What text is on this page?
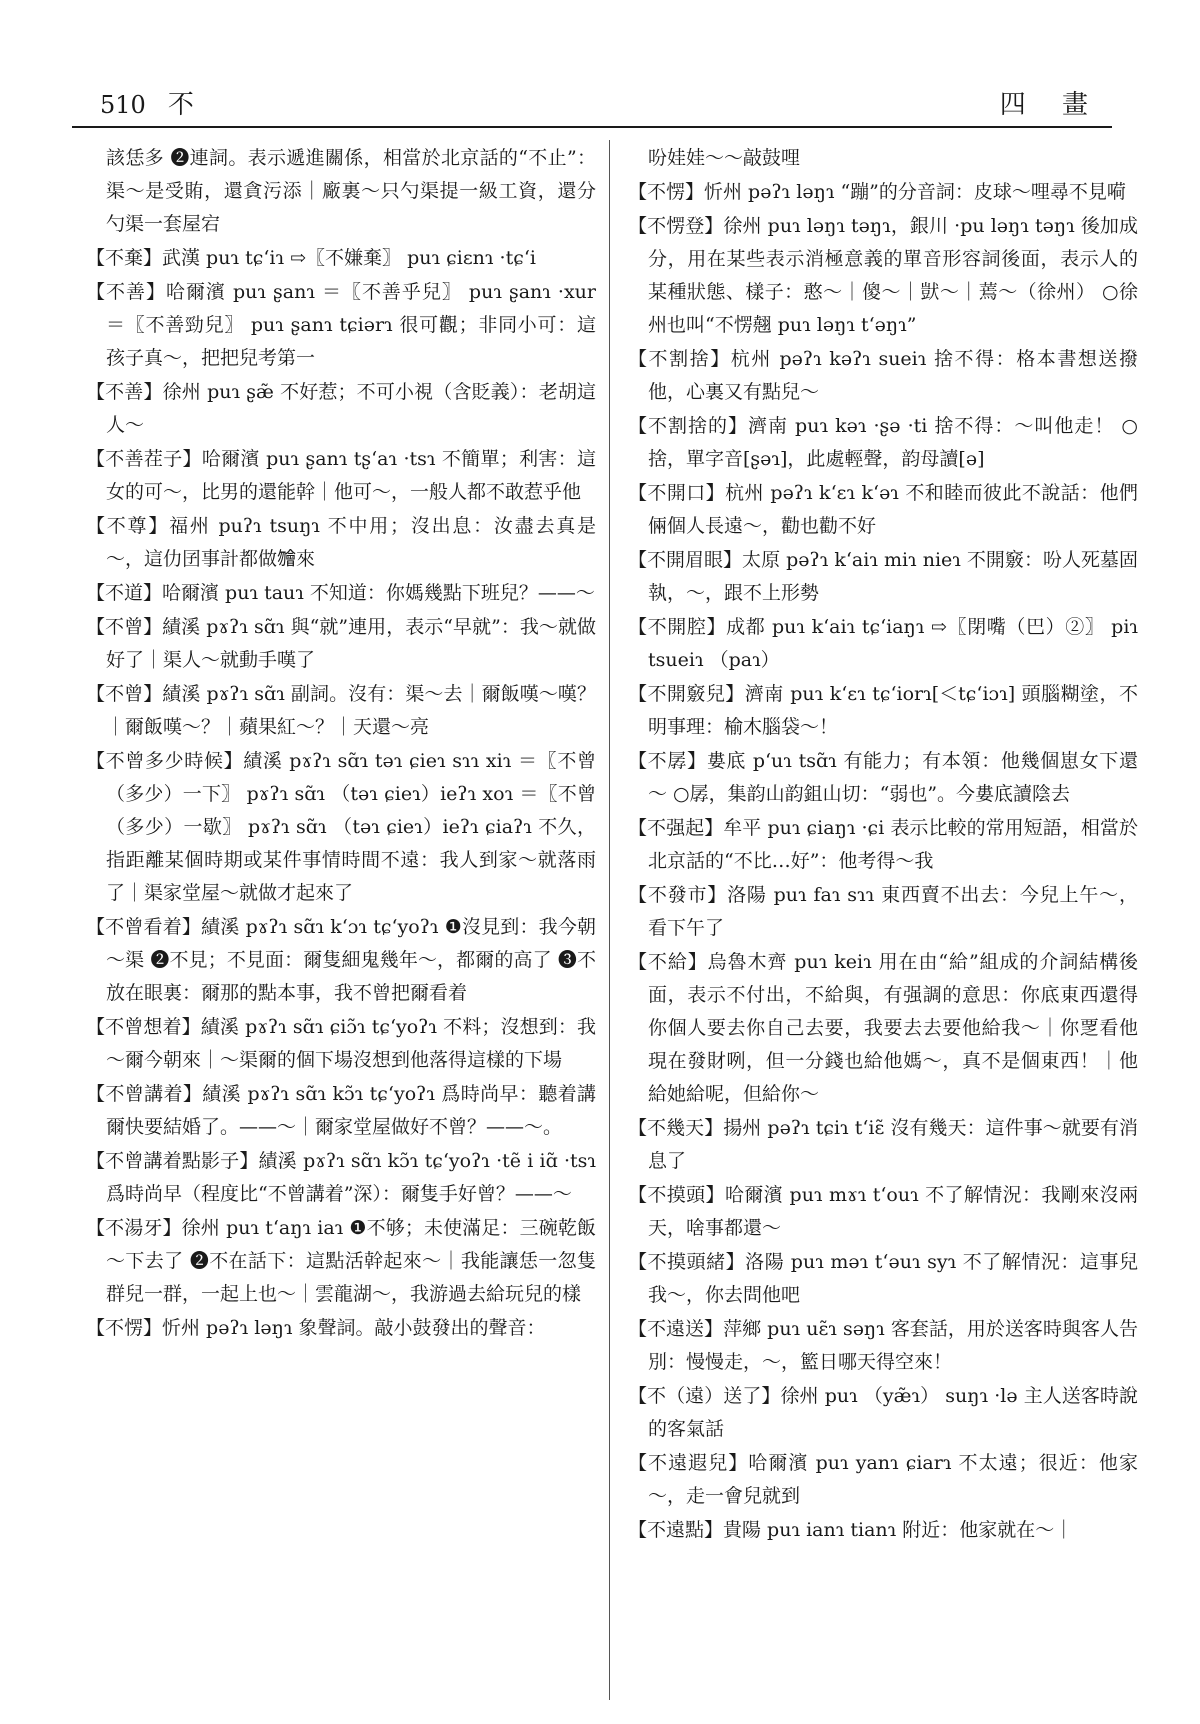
510 不	四 畫

該恁多 ❷連詞。表示遞進關係，相當於北京話的“不止”：渠～是受賄，還貪污添｜廠裏～只勺渠提一級工資，還分勺渠一套屋宕

【不棄】武漢 puɿ tɕʻiɿ ⇨〖不嫌棄〗 puɿ ɕiɛnɿ ·tɕʻi

【不善】哈爾濱 puɿ ʂanɿ ＝〖不善乎兒〗 puɿ ʂanɿ ·xur ＝〖不善勁兒〗 puɿ ʂanɿ tɕiərɿ 很可觀；非同小可：這孩子真～，把把兒考第一

【不善】徐州 puɿ ʂæ̃ 不好惹；不可小視（含貶義）：老胡這人～

【不善茬子】哈爾濱 puɿ ʂanɿ tʂʻaɿ ·tsɿ 不簡單；利害：這女的可～，比男的還能幹｜他可～，一般人都不敢惹乎他

【不尊】福州 puʔɿ tsuŋɿ 不中用；沒出息：汝盡去真是～，這仂囝事計都做𣍐來

【不道】哈爾濱 puɿ tauɿ 不知道：你媽幾點下班兒？——～

【不曾】績溪 pɤʔɿ sɑ̃ɿ 與“就”連用，表示“早就”：我～就做好了｜渠人～就動手嘆了

【不曾】績溪 pɤʔɿ sɑ̃ɿ 副詞。沒有：渠～去｜爾飯嘆～嘆？｜爾飯嘆～？｜蘋果紅～？｜天還～亮

【不曾多少時候】績溪 pɤʔɿ sɑ̃ɿ təɿ ɕieɿ sɿɿ xiɿ ＝〖不曾（多少）一下〗 pɤʔɿ sɑ̃ɿ （təɿ ɕieɿ）ieʔɿ xoɿ ＝〖不曾（多少）一歇〗 pɤʔɿ sɑ̃ɿ （təɿ ɕieɿ）ieʔɿ ɕiaʔɿ 不久，指距離某個時期或某件事情時間不遠：我人到家～就落雨了｜渠家堂屋～就做才起來了

【不曾看着】績溪 pɤʔɿ sɑ̃ɿ kʻɔɿ tɕʻyoʔɿ ❶沒見到：我今朝～渠 ❷不見；不見面：爾隻細鬼幾年～，都爾的高了 ❸不放在眼裏：爾那的點本事，我不曾把爾看着

【不曾想着】績溪 pɤʔɿ sɑ̃ɿ ɕiɔ̃ɿ tɕʻyoʔɿ 不料；沒想到：我～爾今朝來｜～渠爾的個下場沒想到他落得這樣的下場

【不曾講着】績溪 pɤʔɿ sɑ̃ɿ kɔ̃ɿ tɕʻyoʔɿ 爲時尚早：聽着講爾快要結婚了。——～｜爾家堂屋做好不曾？——～。

【不曾講着點影子】績溪 pɤʔɿ sɑ̃ɿ kɔ̃ɿ tɕʻyoʔɿ ·tẽ i iɑ̃ ·tsɿ 爲時尚早（程度比“不曾講着”深）：爾隻手好曾？——～

【不湯牙】徐州 puɿ tʻaŋɿ iaɿ ❶不够；未使滿足：三碗乾飯～下去了 ❷不在話下：這點活幹起來～｜我能讓恁一忽隻群兒一群，一起上也～｜雲龍湖～，我游過去給玩兒的樣

【不愣】忻州 pəʔɿ ləŋɿ 象聲詞。敲小鼓發出的聲音：

吩娃娃～～敲鼓哩

【不愣】忻州 pəʔɿ ləŋɿ “蹦”的分音詞：皮球～哩尋不見嗬

【不愣登】徐州 puɿ ləŋɿ təŋɿ，銀川 ·pu ləŋɿ təŋɿ 後加成分，用在某些表示消極意義的單音形容詞後面，表示人的某種狀態、樣子：憨～｜傻～｜獃～｜蔫～（徐州） ○徐州也叫“不愣翹 puɿ ləŋɿ tʻəŋɿ”

【不割捨】杭州 pəʔɿ kəʔɿ sueiɿ 捨不得：格本書想送撥他，心裏又有點兒～

【不割捨的】濟南 puɿ kəɿ ·ʂə ·ti 捨不得：～叫他走！ ○捨，單字音[ʂəɿ]，此處輕聲，韵母讀[ə]

【不開口】杭州 pəʔɿ kʻɛɿ kʻəɿ 不和睦而彼此不說話：他們倆個人長遠～，勸也勸不好

【不開眉眼】太原 pəʔɿ kʻaiɿ miɿ nieɿ 不開竅：吩人死墓固執，～，跟不上形勢

【不開腔】成都 puɿ kʻaiɿ tɕʻiaŋɿ ⇨〖閉嘴（巴）②〗 piɿ tsueiɿ （paɿ）

【不開竅兒】濟南 puɿ kʻɛɿ tɕʻiorɿ[＜tɕʻiɔɿ] 頭腦糊塗，不明事理：榆木腦袋～！

【不孱】婁底 pʻuɿ tsɑ̃ɿ 有能力；有本領：他幾個崽女下還～ ○孱，集韵山韵鉏山切：“弱也”。今婁底讀陰去

【不强起】牟平 puɿ ɕiaŋɿ ·ɕi 表示比較的常用短語，相當於北京話的“不比…好”：他考得～我

【不發市】洛陽 puɿ faɿ sɿɿ 東西賣不出去：今兒上午～，看下午了

【不給】烏魯木齊 puɿ keiɿ 用在由“給”組成的介詞結構後面，表示不付出，不給與，有强調的意思：你底東西還得你個人要去你自己去要，我要去去要他給我～｜你覂看他現在發財咧，但一分錢也給他媽～，真不是個東西！｜他給她給呢，但給你～

【不幾天】揚州 pəʔɿ tɕiɿ tʻiɛ̃ 沒有幾天：這件事～就要有消息了

【不摸頭】哈爾濱 puɿ mɤɿ tʻouɿ 不了解情況：我剛來沒兩天，啥事都還～

【不摸頭緒】洛陽 puɿ məɿ tʻəuɿ syɿ 不了解情況：這事兒我～，你去問他吧

【不遠送】萍鄉 puɿ uɛ̃ɿ səŋɿ 客套話，用於送客時與客人告別：慢慢走，～，籃日哪天得空來！

【不（遠）送了】徐州 puɿ （yæ̃ɿ） suŋɿ ·lə 主人送客時說的客氣話

【不遠遐兒】哈爾濱 puɿ yanɿ ɕiarɿ 不太遠；很近：他家～，走一會兒就到

【不遠點】貴陽 puɿ ianɿ tianɿ 附近：他家就在～｜
